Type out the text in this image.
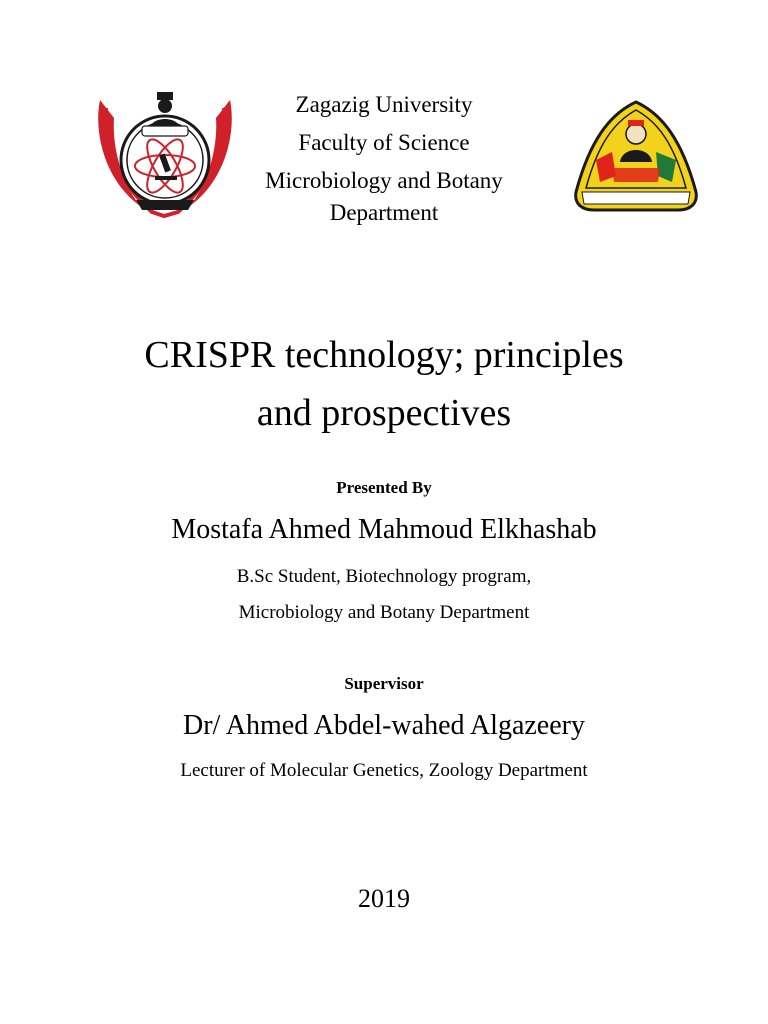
Zagazig University
Faculty of Science
Microbiology and Botany
Department
CRISPR technology; principles
and prospectives
Presented By
Mostafa Ahmed Mahmoud Elkhashab
B.Sc Student, Biotechnology program,
Microbiology and Botany Department
Supervisor
Dr/ Ahmed Abdel-wahed Algazeery
Lecturer of Molecular Genetics, Zoology Department
2019
